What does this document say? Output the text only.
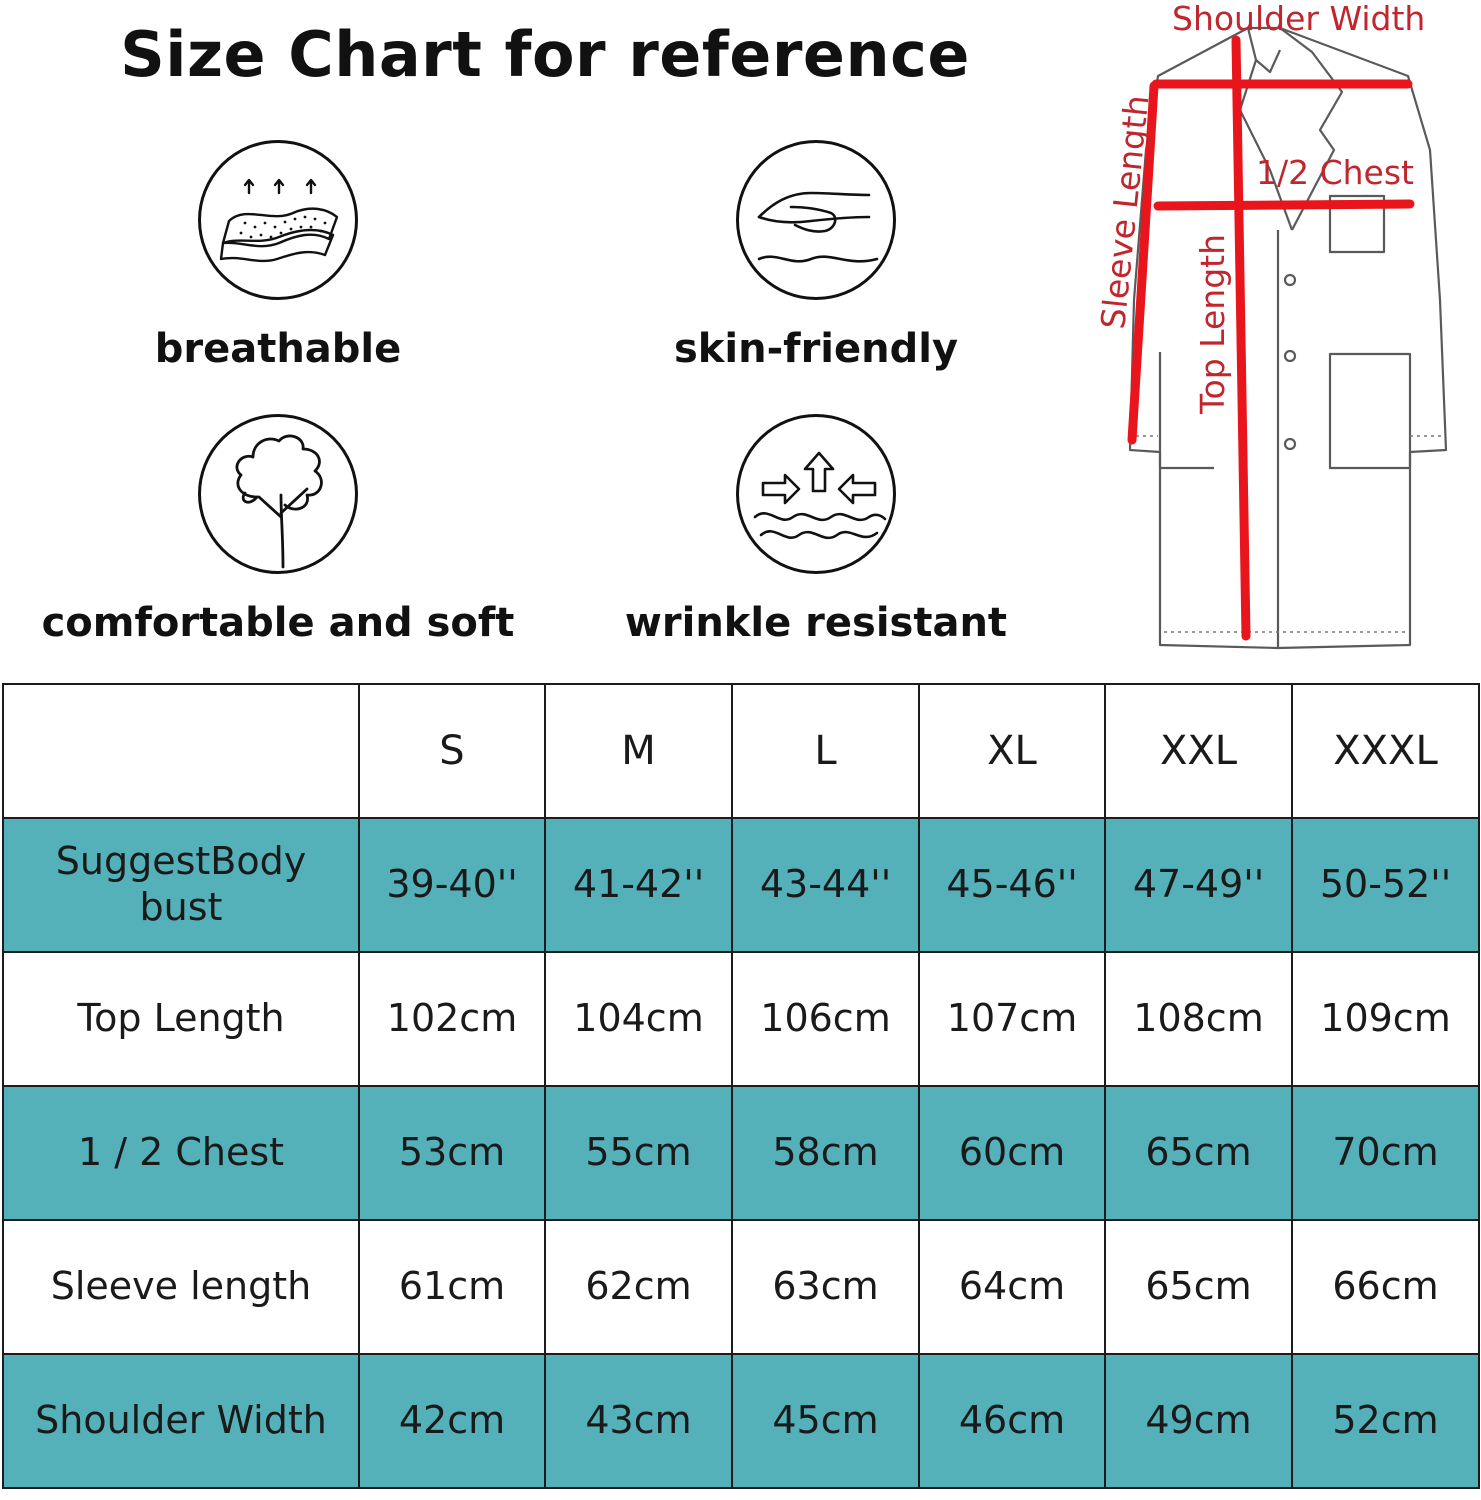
Size Chart for reference
breathable	skin-friendly
comfortable and soft	wrinkle resistant
Shoulder Width
1/2 Chest
Sleeve Length Top Length
	S	M	L	XL	XXL	XXXL
SuggestBody bust	39-40''	41-42''	43-44''	45-46''	47-49''	50-52''
Top Length	102cm	104cm	106cm	107cm	108cm	109cm
1 / 2 Chest	53cm	55cm	58cm	60cm	65cm	70cm
Sleeve length	61cm	62cm	63cm	64cm	65cm	66cm
Shoulder Width	42cm	43cm	45cm	46cm	49cm	52cm
